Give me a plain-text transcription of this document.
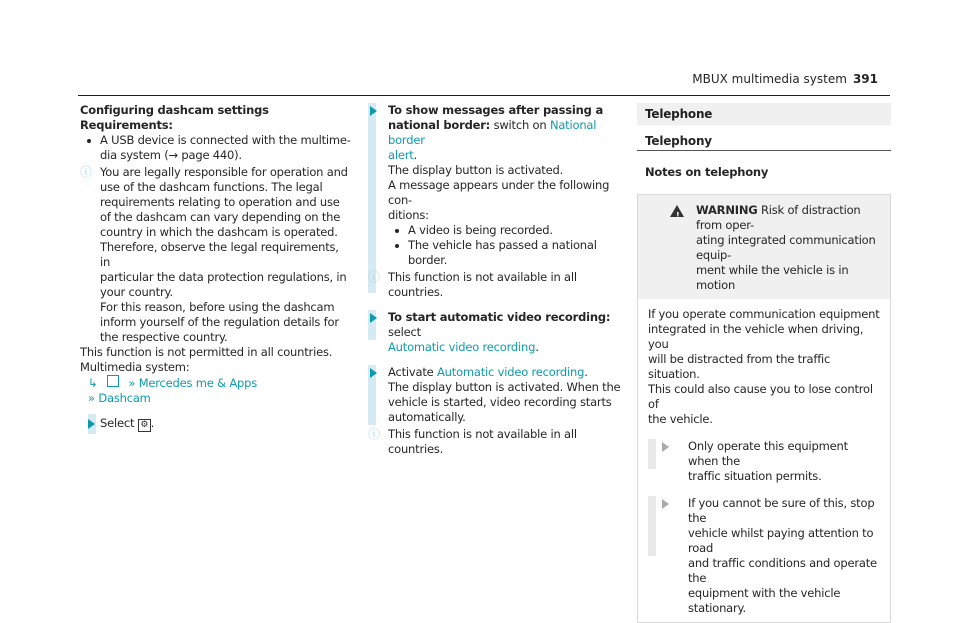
MBUX multimedia system 391
Configuring dashcam settings
Requirements:
A USB device is connected with the multime-
dia system (→ page 440).
ⓘ You are legally responsible for operation and
use of the dashcam functions. The legal
requirements relating to operation and use
of the dashcam can vary depending on the
country in which the dashcam is operated.
Therefore, observe the legal requirements, in
particular the data protection regulations, in
your country.
For this reason, before using the dashcam
inform yourself of the regulation details for
the respective country.
This function is not permitted in all countries.
Multimedia system:
↳	» Mercedes me & Apps
» Dashcam
Select ⚙ .
To show messages after passing a
national border: switch on National border
alert.
The display button is activated.
A message appears under the following con-
ditions:
A video is being recorded.
The vehicle has passed a national border.
ⓘ This function is not available in all countries.
To start automatic video recording: select
Automatic video recording.
Activate Automatic video recording.
The display button is activated. When the
vehicle is started, video recording starts
automatically.
ⓘ This function is not available in all countries.
Telephone
Telephony
Notes on telephony
! WARNING Risk of distraction from oper-
ating integrated communication equip-
ment while the vehicle is in motion
If you operate communication equipment
integrated in the vehicle when driving, you
will be distracted from the traffic situation.
This could also cause you to lose control of
the vehicle.
Only operate this equipment when the
traffic situation permits.
If you cannot be sure of this, stop the
vehicle whilst paying attention to road
and traffic conditions and operate the
equipment with the vehicle stationary.
